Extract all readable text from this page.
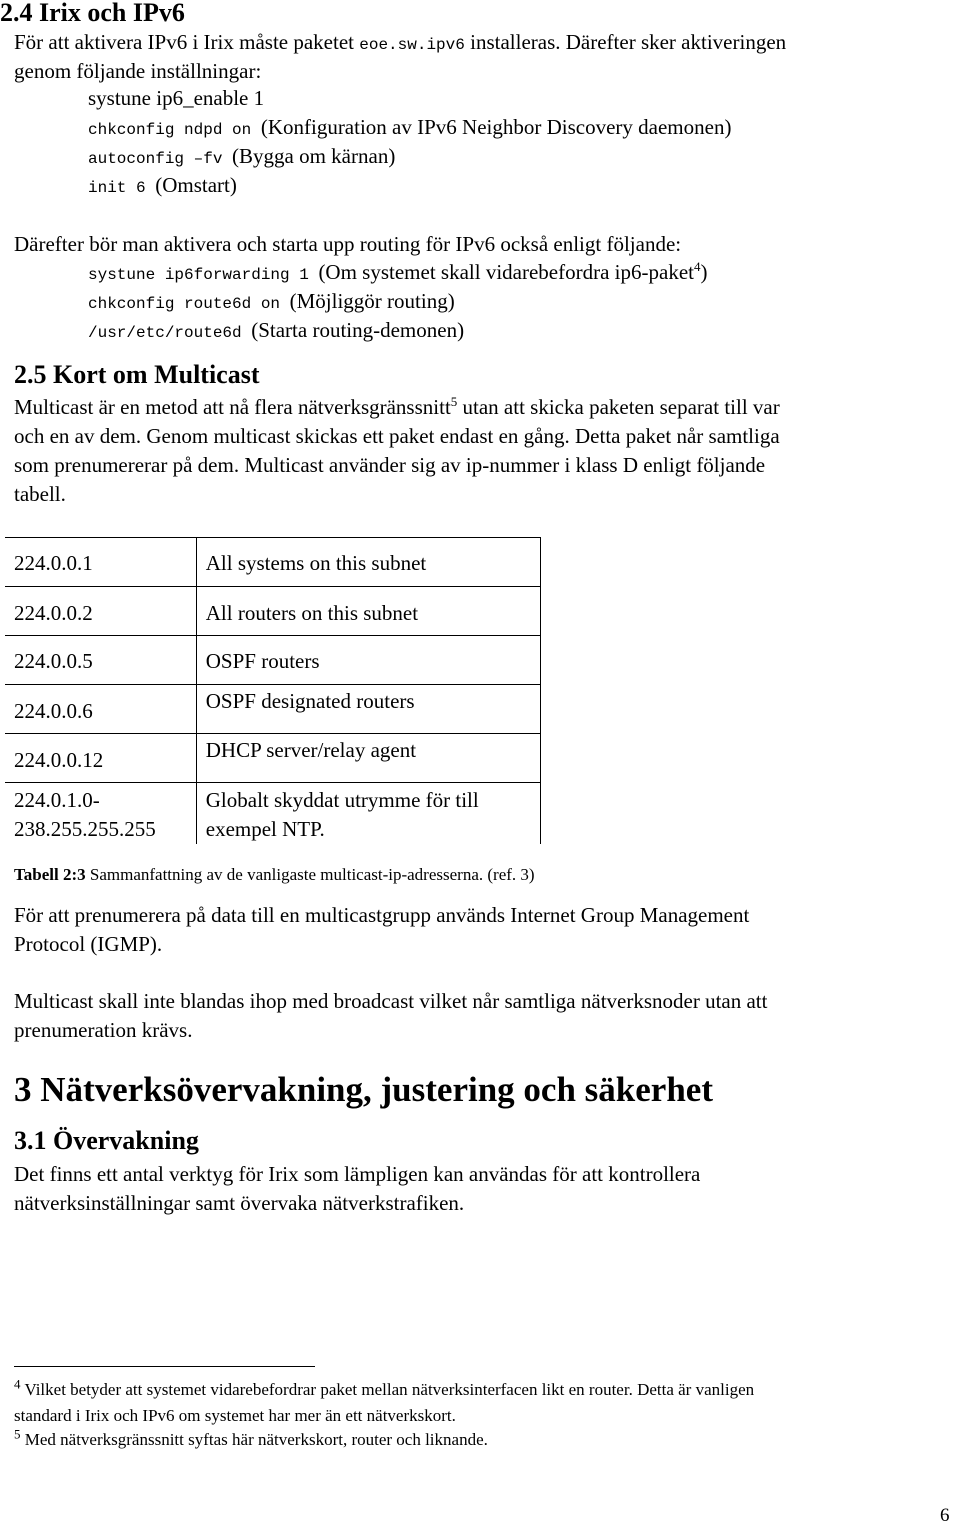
2.4 Irix och IPv6
För att aktivera IPv6 i Irix måste paketet eoe.sw.ipv6 installeras. Därefter sker aktiveringen
genom följande inställningar:
systune ip6_enable 1
chkconfig ndpd on (Konfiguration av IPv6 Neighbor Discovery daemonen)
autoconfig –fv (Bygga om kärnan)
init 6 (Omstart)
Därefter bör man aktivera och starta upp routing för IPv6 också enligt följande:
systune ip6forwarding 1 (Om systemet skall vidarebefordra ip6-paket$^4$)
chkconfig route6d on (Möjliggör routing)
/usr/etc/route6d (Starta routing-demonen)
2.5 Kort om Multicast
Multicast är en metod att nå flera nätverksgränssnitt$^5$ utan att skicka paketen separat till var
och en av dem. Genom multicast skickas ett paket endast en gång. Detta paket når samtliga
som prenumererar på dem. Multicast använder sig av ip-nummer i klass D enligt följande
tabell.
224.0.0.1	All systems on this subnet
224.0.0.2	All routers on this subnet
224.0.0.5	OSPF routers
224.0.0.6	OSPF designated routers
224.0.0.12	DHCP server/relay agent
224.0.1.0- 238.255.255.255	Globalt skyddat utrymme för till exempel NTP.
Tabell 2:3 Sammanfattning av de vanligaste multicast-ip-adresserna. (ref. 3)
För att prenumerera på data till en multicastgrupp används Internet Group Management
Protocol (IGMP).
Multicast skall inte blandas ihop med broadcast vilket når samtliga nätverksnoder utan att
prenumeration krävs.
3 Nätverksövervakning, justering och säkerhet
3.1 Övervakning
Det finns ett antal verktyg för Irix som lämpligen kan användas för att kontrollera
nätverksinställningar samt övervaka nätverkstrafiken.
$^4$ Vilket betyder att systemet vidarebefordrar paket mellan nätverksinterfacen likt en router. Detta är vanligen
standard i Irix och IPv6 om systemet har mer än ett nätverkskort.
$^5$ Med nätverksgränssnitt syftas här nätverkskort, router och liknande.
6
